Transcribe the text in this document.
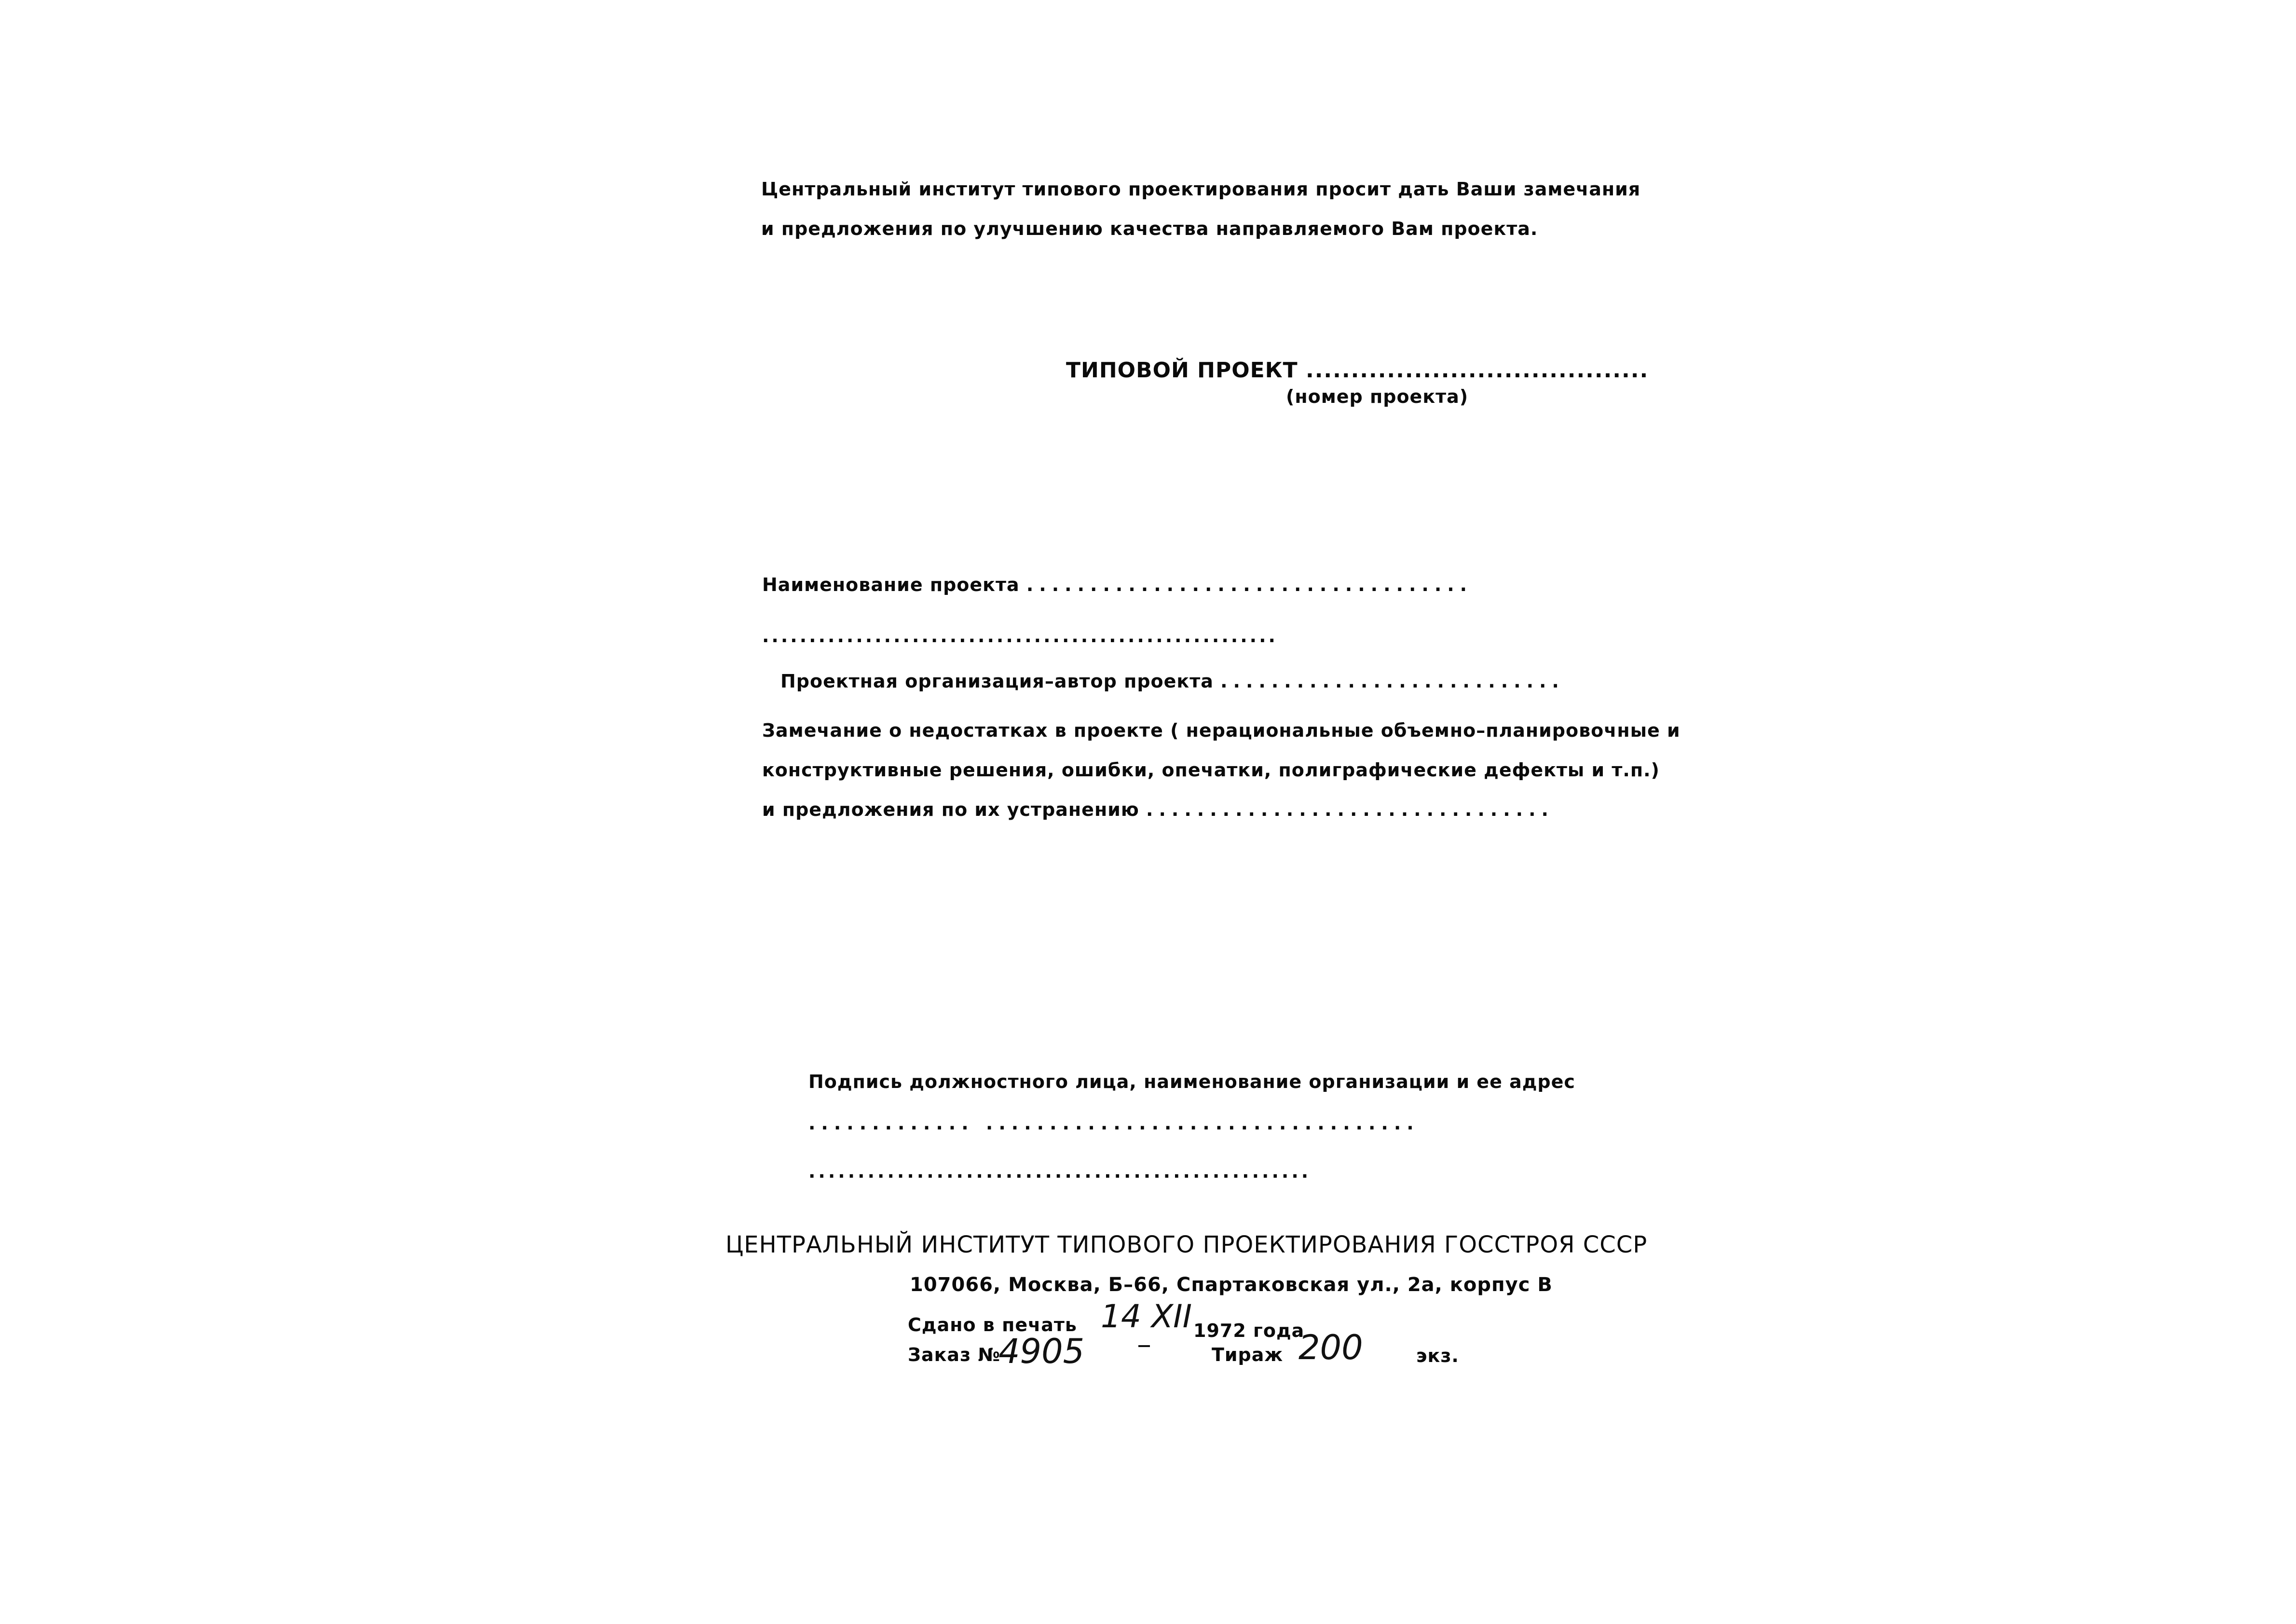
Центральный институт типового проектирования просит дать Ваши замечания
и предложения по улучшению качества направляемого Вам проекта.
ТИПОВОЙ ПРОЕКТ ......................................
(номер проекта)
Наименование проекта ...................................
.......................................................
Проектная организация–автор проекта ...........................
Замечание о недостатках в проекте ( нерациональные объемно–планировочные и
конструктивные решения, ошибки, опечатки, полиграфические дефекты и т.п.)
и предложения по их устранению ................................
Подпись должностного лица, наименование организации и ее адрес
............. ..................................
...................................................
ЦЕНТРАЛЬНЫЙ ИНСТИТУТ ТИПОВОГО ПРОЕКТИРОВАНИЯ ГОССТРОЯ СССР
107066, Москва, Б–66, Спартаковская ул., 2а, корпус В
Сдано в печать 14 XII 1972 года
Заказ №
4905	Тираж 200	экз.
